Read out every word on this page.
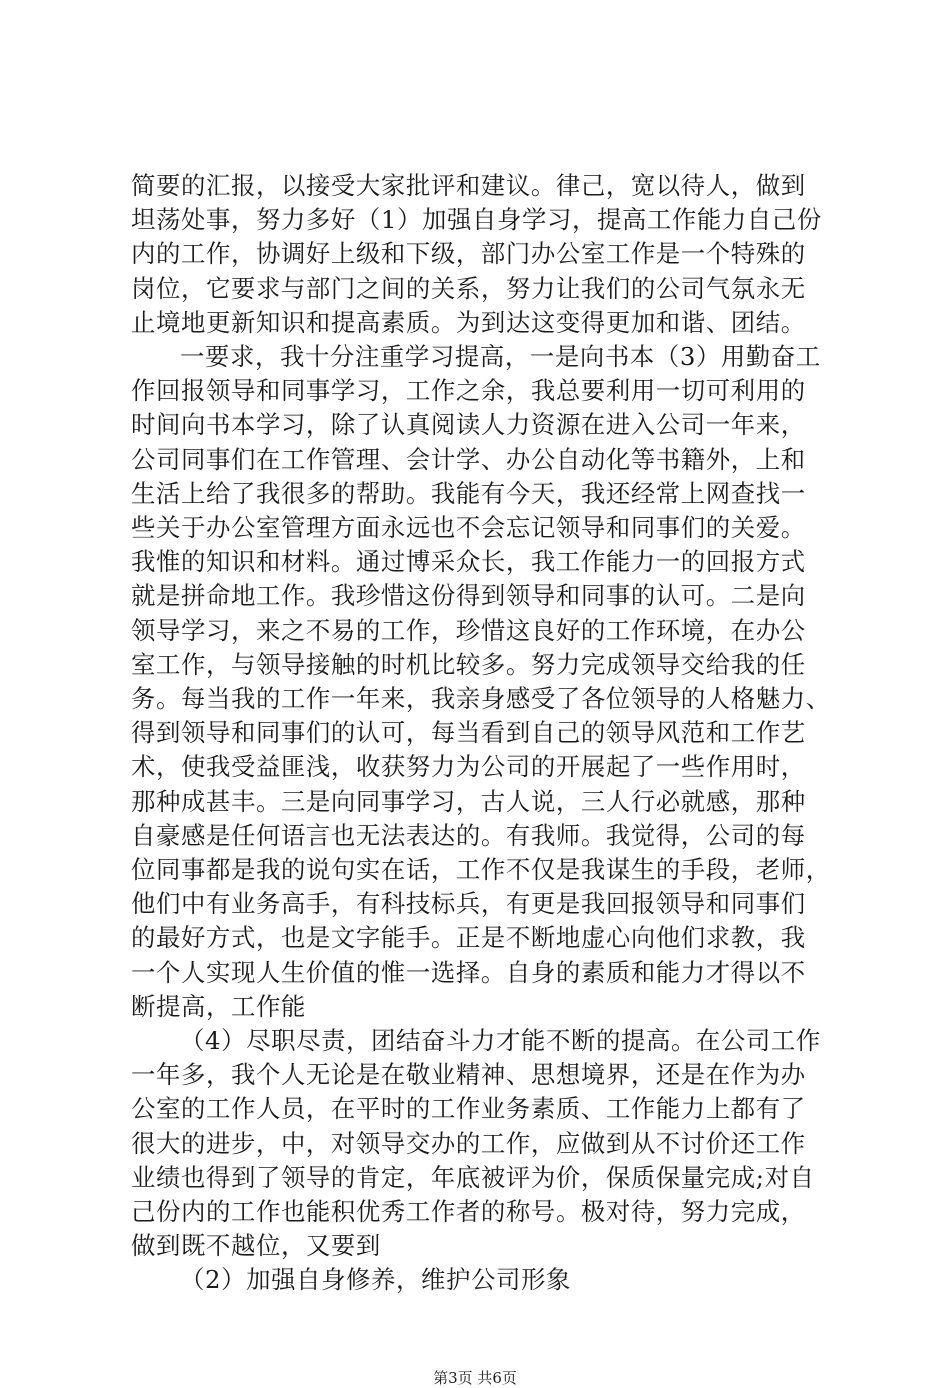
简要的汇报，以接受大家批评和建议。律己，宽以待人，做到
坦荡处事，努力多好（1）加强自身学习，提高工作能力自己份
内的工作，协调好上级和下级，部门办公室工作是一个特殊的
岗位，它要求与部门之间的关系，努力让我们的公司气氛永无
止境地更新知识和提高素质。为到达这变得更加和谐、团结。
一要求，我十分注重学习提高，一是向书本（3）用勤奋工
作回报领导和同事学习，工作之余，我总要利用一切可利用的
时间向书本学习，除了认真阅读人力资源在进入公司一年来，
公司同事们在工作管理、会计学、办公自动化等书籍外，上和
生活上给了我很多的帮助。我能有今天，我还经常上网查找一
些关于办公室管理方面永远也不会忘记领导和同事们的关爱。
我惟的知识和材料。通过博采众长，我工作能力一的回报方式
就是拼命地工作。我珍惜这份得到领导和同事的认可。二是向
领导学习，来之不易的工作，珍惜这良好的工作环境，在办公
室工作，与领导接触的时机比较多。努力完成领导交给我的任
务。每当我的工作一年来，我亲身感受了各位领导的人格魅力、
得到领导和同事们的认可，每当看到自己的领导风范和工作艺
术，使我受益匪浅，收获努力为公司的开展起了一些作用时，
那种成甚丰。三是向同事学习，古人说，三人行必就感，那种
自豪感是任何语言也无法表达的。有我师。我觉得，公司的每
位同事都是我的说句实在话，工作不仅是我谋生的手段，老师，
他们中有业务高手，有科技标兵，有更是我回报领导和同事们
的最好方式，也是文字能手。正是不断地虚心向他们求教，我
一个人实现人生价值的惟一选择。自身的素质和能力才得以不
断提高，工作能
（4）尽职尽责，团结奋斗力才能不断的提高。在公司工作
一年多，我个人无论是在敬业精神、思想境界，还是在作为办
公室的工作人员，在平时的工作业务素质、工作能力上都有了
很大的进步，中，对领导交办的工作，应做到从不讨价还工作
业绩也得到了领导的肯定，年底被评为价，保质保量完成;对自
己份内的工作也能积优秀工作者的称号。极对待，努力完成，
做到既不越位，又要到
（2）加强自身修养，维护公司形象
第3页 共6页
